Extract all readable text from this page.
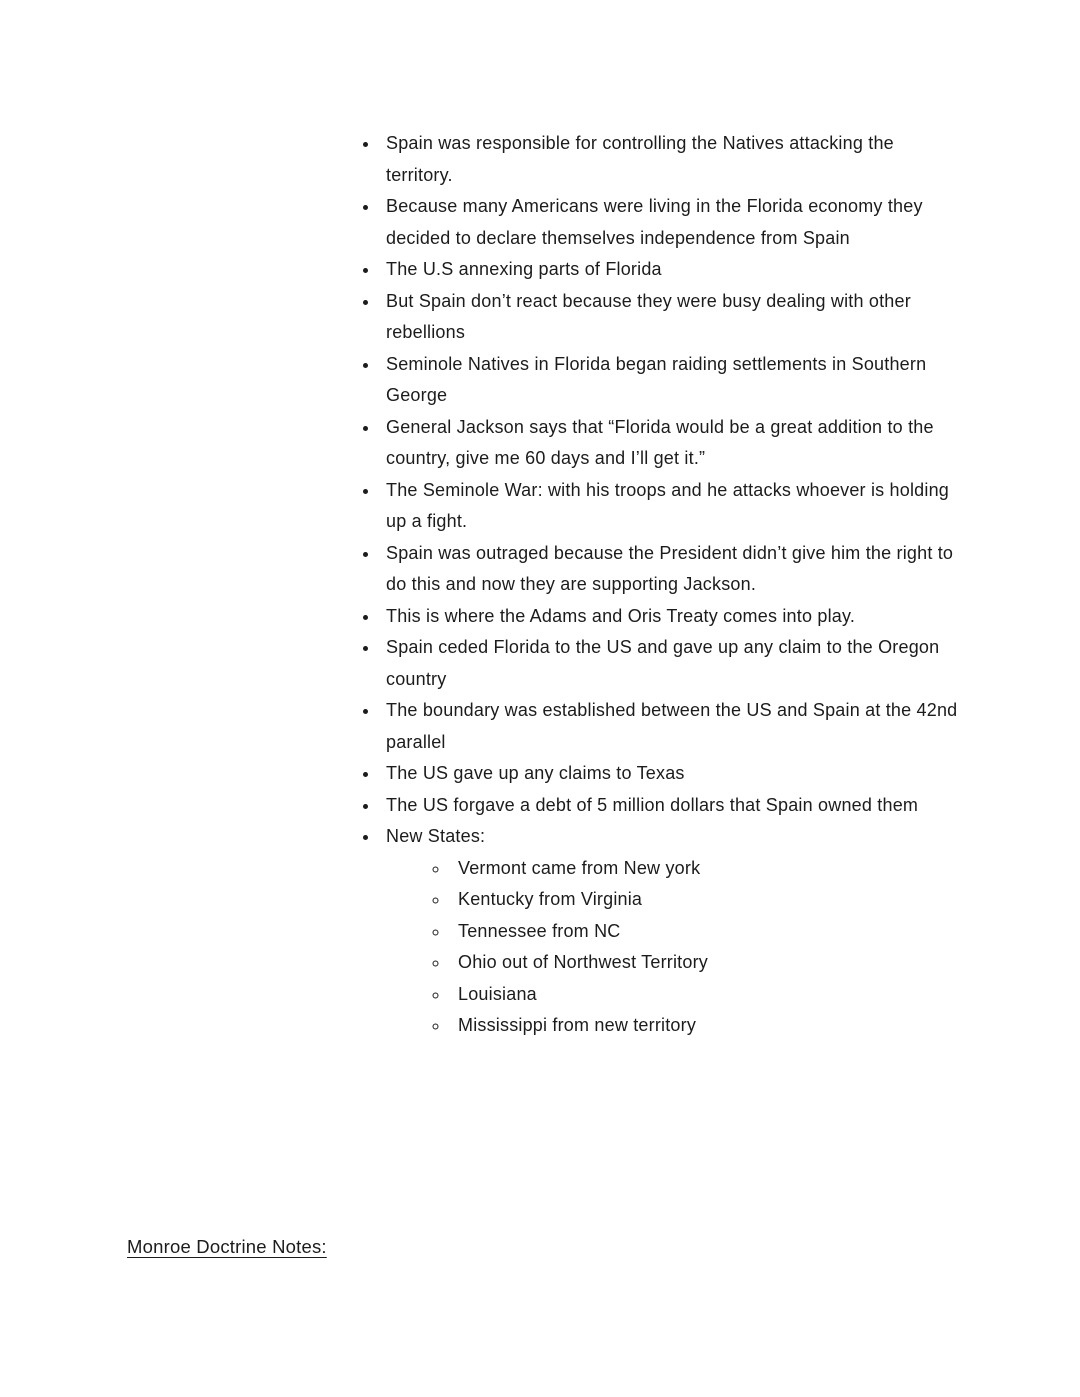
• Spain was responsible for controlling the Natives attacking the territory.
• Because many Americans were living in the Florida economy they decided to declare themselves independence from Spain
• The U.S annexing parts of Florida
• But Spain don’t react because they were busy dealing with other rebellions
• Seminole Natives in Florida began raiding settlements in Southern George
• General Jackson says that “Florida would be a great addition to the country, give me 60 days and I’ll get it.”
• The Seminole War: with his troops and he attacks whoever is holding up a fight.
• Spain was outraged because the President didn’t give him the right to do this and now they are supporting Jackson.
• This is where the Adams and Oris Treaty comes into play.
• Spain ceded Florida to the US and gave up any claim to the Oregon country
• The boundary was established between the US and Spain at the 42nd parallel
• The US gave up any claims to Texas
• The US forgave a debt of 5 million dollars that Spain owned them
• New States:
◦ Vermont came from New york
◦ Kentucky from Virginia
◦ Tennessee from NC
◦ Ohio out of Northwest Territory
◦ Louisiana
◦ Mississippi from new territory
Monroe Doctrine Notes:
